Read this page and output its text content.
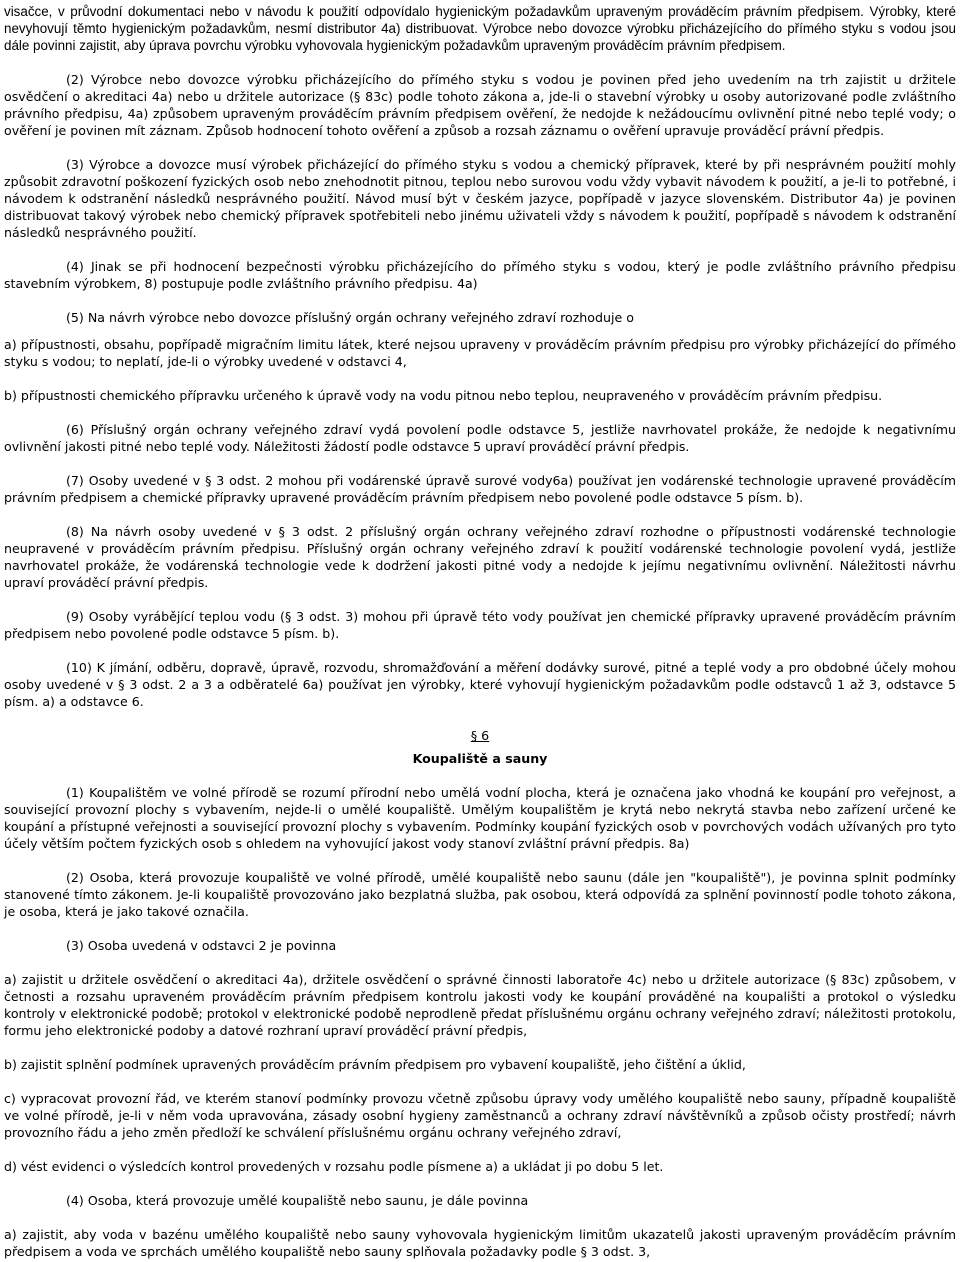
visačce, v průvodní dokumentaci nebo v návodu k použití odpovídalo hygienickým požadavkům upraveným prováděcím právním předpisem. Výrobky, které nevyhovují těmto hygienickým požadavkům, nesmí distributor 4a) distribuovat. Výrobce nebo dovozce výrobku přicházejícího do přímého styku s vodou jsou dále povinni zajistit, aby úprava povrchu výrobku vyhovovala hygienickým požadavkům upraveným prováděcím právním předpisem.

(2) Výrobce nebo dovozce výrobku přicházejícího do přímého styku s vodou je povinen před jeho uvedením na trh zajistit u držitele osvědčení o akreditaci 4a) nebo u držitele autorizace (§ 83c) podle tohoto zákona a, jde-li o stavební výrobky u osoby autorizované podle zvláštního právního předpisu, 4a) způsobem upraveným prováděcím právním předpisem ověření, že nedojde k nežádoucímu ovlivnění pitné nebo teplé vody; o ověření je povinen mít záznam. Způsob hodnocení tohoto ověření a způsob a rozsah záznamu o ověření upravuje prováděcí právní předpis.

(3) Výrobce a dovozce musí výrobek přicházející do přímého styku s vodou a chemický přípravek, které by při nesprávném použití mohly způsobit zdravotní poškození fyzických osob nebo znehodnotit pitnou, teplou nebo surovou vodu vždy vybavit návodem k použití, a je-li to potřebné, i návodem k odstranění následků nesprávného použití. Návod musí být v českém jazyce, popřípadě v jazyce slovenském. Distributor 4a) je povinen distribuovat takový výrobek nebo chemický přípravek spotřebiteli nebo jinému uživateli vždy s návodem k použití, popřípadě s návodem k odstranění následků nesprávného použití.

(4) Jinak se při hodnocení bezpečnosti výrobku přicházejícího do přímého styku s vodou, který je podle zvláštního právního předpisu stavebním výrobkem, 8) postupuje podle zvláštního právního předpisu. 4a)

(5) Na návrh výrobce nebo dovozce příslušný orgán ochrany veřejného zdraví rozhoduje o

a) přípustnosti, obsahu, popřípadě migračním limitu látek, které nejsou upraveny v prováděcím právním předpisu pro výrobky přicházející do přímého styku s vodou; to neplatí, jde-li o výrobky uvedené v odstavci 4,

b) přípustnosti chemického přípravku určeného k úpravě vody na vodu pitnou nebo teplou, neupraveného v prováděcím právním předpisu.

(6) Příslušný orgán ochrany veřejného zdraví vydá povolení podle odstavce 5, jestliže navrhovatel prokáže, že nedojde k negativnímu ovlivnění jakosti pitné nebo teplé vody. Náležitosti žádostí podle odstavce 5 upraví prováděcí právní předpis.

(7) Osoby uvedené v § 3 odst. 2 mohou při vodárenské úpravě surové vody6a) používat jen vodárenské technologie upravené prováděcím právním předpisem a chemické přípravky upravené prováděcím právním předpisem nebo povolené podle odstavce 5 písm. b).

(8) Na návrh osoby uvedené v § 3 odst. 2 příslušný orgán ochrany veřejného zdraví rozhodne o přípustnosti vodárenské technologie neupravené v prováděcím právním předpisu. Příslušný orgán ochrany veřejného zdraví k použití vodárenské technologie povolení vydá, jestliže navrhovatel prokáže, že vodárenská technologie vede k dodržení jakosti pitné vody a nedojde k jejímu negativnímu ovlivnění. Náležitosti návrhu upraví prováděcí právní předpis.

(9) Osoby vyrábějící teplou vodu (§ 3 odst. 3) mohou při úpravě této vody používat jen chemické přípravky upravené prováděcím právním předpisem nebo povolené podle odstavce 5 písm. b).

(10) K jímání, odběru, dopravě, úpravě, rozvodu, shromažďování a měření dodávky surové, pitné a teplé vody a pro obdobné účely mohou osoby uvedené v § 3 odst. 2 a 3 a odběratelé 6a) používat jen výrobky, které vyhovují hygienickým požadavkům podle odstavců 1 až 3, odstavce 5 písm. a) a odstavce 6.

§ 6

Koupaliště a sauny

(1) Koupalištěm ve volné přírodě se rozumí přírodní nebo umělá vodní plocha, která je označena jako vhodná ke koupání pro veřejnost, a související provozní plochy s vybavením, nejde-li o umělé koupaliště. Umělým koupalištěm je krytá nebo nekrytá stavba nebo zařízení určené ke koupání a přístupné veřejnosti a související provozní plochy s vybavením. Podmínky koupání fyzických osob v povrchových vodách užívaných pro tyto účely větším počtem fyzických osob s ohledem na vyhovující jakost vody stanoví zvláštní právní předpis. 8a)

(2) Osoba, která provozuje koupaliště ve volné přírodě, umělé koupaliště nebo saunu (dále jen "koupaliště"), je povinna splnit podmínky stanovené tímto zákonem. Je-li koupaliště provozováno jako bezplatná služba, pak osobou, která odpovídá za splnění povinností podle tohoto zákona, je osoba, která je jako takové označila.

(3) Osoba uvedená v odstavci 2 je povinna

a) zajistit u držitele osvědčení o akreditaci 4a), držitele osvědčení o správné činnosti laboratoře 4c) nebo u držitele autorizace (§ 83c) způsobem, v četnosti a rozsahu upraveném prováděcím právním předpisem kontrolu jakosti vody ke koupání prováděné na koupališti a protokol o výsledku kontroly v elektronické podobě; protokol v elektronické podobě neprodleně předat příslušnému orgánu ochrany veřejného zdraví; náležitosti protokolu, formu jeho elektronické podoby a datové rozhraní upraví prováděcí právní předpis,

b) zajistit splnění podmínek upravených prováděcím právním předpisem pro vybavení koupaliště, jeho čištění a úklid,

c) vypracovat provozní řád, ve kterém stanoví podmínky provozu včetně způsobu úpravy vody umělého koupaliště nebo sauny, případně koupaliště ve volné přírodě, je-li v něm voda upravována, zásady osobní hygieny zaměstnanců a ochrany zdraví návštěvníků a způsob očisty prostředí; návrh provozního řádu a jeho změn předloží ke schválení příslušnému orgánu ochrany veřejného zdraví,

d) vést evidenci o výsledcích kontrol provedených v rozsahu podle písmene a) a ukládat ji po dobu 5 let.

(4) Osoba, která provozuje umělé koupaliště nebo saunu, je dále povinna

a) zajistit, aby voda v bazénu umělého koupaliště nebo sauny vyhovovala hygienickým limitům ukazatelů jakosti upraveným prováděcím právním předpisem a voda ve sprchách umělého koupaliště nebo sauny splňovala požadavky podle § 3 odst. 3,
